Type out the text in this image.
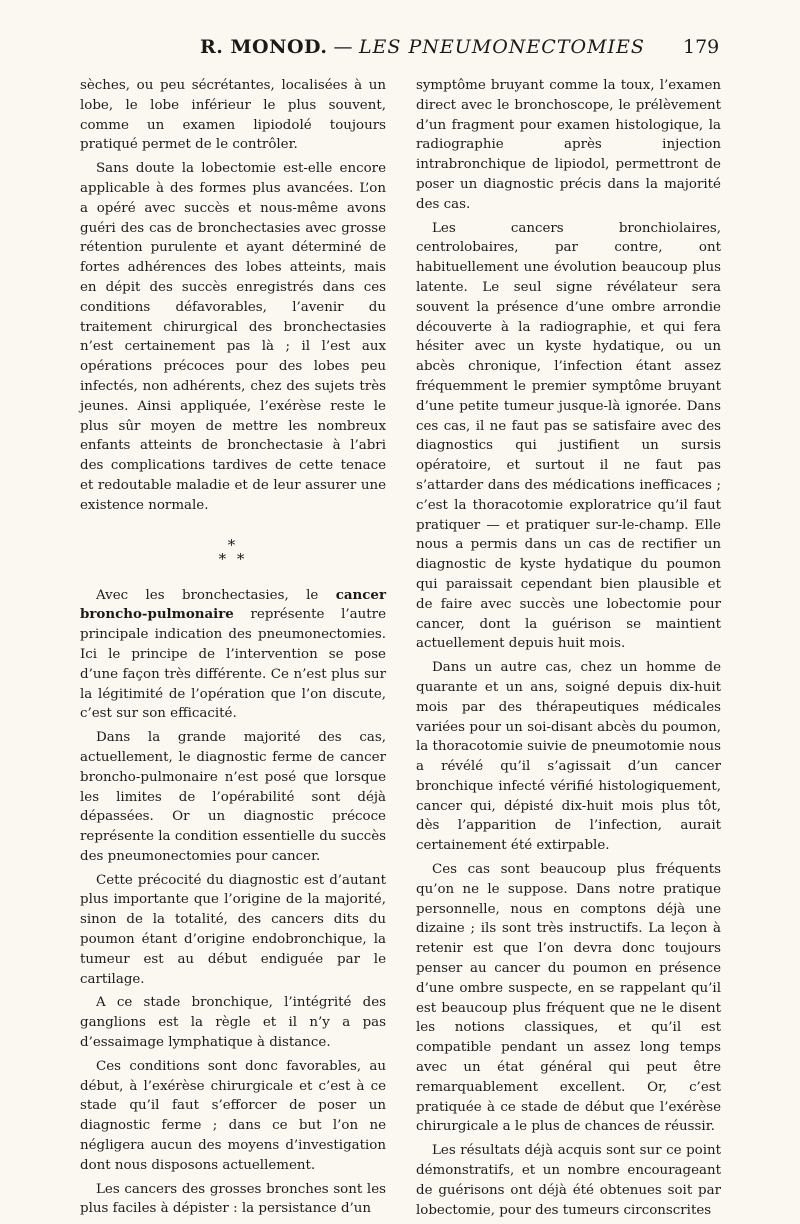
R. MONOD. — LES PNEUMONECTOMIES 179

sèches, ou peu sécrétantes, localisées à un lobe, le lobe inférieur le plus souvent, comme un examen lipiodolé toujours pratiqué permet de le contrôler.

Sans doute la lobectomie est-elle encore applicable à des formes plus avancées. L’on a opéré avec succès et nous-même avons guéri des cas de bronchectasies avec grosse rétention purulente et ayant déterminé de fortes adhérences des lobes atteints, mais en dépit des succès enregistrés dans ces conditions défavorables, l’avenir du traitement chirurgical des bronchectasies n’est certainement pas là ; il l’est aux opérations précoces pour des lobes peu infectés, non adhérents, chez des sujets très jeunes. Ainsi appliquée, l’exérèse reste le plus sûr moyen de mettre les nombreux enfants atteints de bronchectasie à l’abri des complications tardives de cette tenace et redoutable maladie et de leur assurer une existence normale.

*
* *

Avec les bronchectasies, le cancer broncho-pulmonaire représente l’autre principale indication des pneumonectomies. Ici le principe de l’intervention se pose d’une façon très différente. Ce n’est plus sur la légitimité de l’opération que l’on discute, c’est sur son efficacité.

Dans la grande majorité des cas, actuellement, le diagnostic ferme de cancer broncho-pulmonaire n’est posé que lorsque les limites de l’opérabilité sont déjà dépassées. Or un diagnostic précoce représente la condition essentielle du succès des pneumonectomies pour cancer.

Cette précocité du diagnostic est d’autant plus importante que l’origine de la majorité, sinon de la totalité, des cancers dits du poumon étant d’origine endobronchique, la tumeur est au début endiguée par le cartilage.

A ce stade bronchique, l’intégrité des ganglions est la règle et il n’y a pas d’essaimage lymphatique à distance.

Ces conditions sont donc favorables, au début, à l’exérèse chirurgicale et c’est à ce stade qu’il faut s’efforcer de poser un diagnostic ferme ; dans ce but l’on ne négligera aucun des moyens d’investigation dont nous disposons actuellement.

Les cancers des grosses bronches sont les plus faciles à dépister : la persistance d’un

symptôme bruyant comme la toux, l’examen direct avec le bronchoscope, le prélèvement d’un fragment pour examen histologique, la radiographie après injection intrabronchique de lipiodol, permettront de poser un diagnostic précis dans la majorité des cas.

Les cancers bronchiolaires, centrolobaires, par contre, ont habituellement une évolution beaucoup plus latente. Le seul signe révélateur sera souvent la présence d’une ombre arrondie découverte à la radiographie, et qui fera hésiter avec un kyste hydatique, ou un abcès chronique, l’infection étant assez fréquemment le premier symptôme bruyant d’une petite tumeur jusque-là ignorée. Dans ces cas, il ne faut pas se satisfaire avec des diagnostics qui justifient un sursis opératoire, et surtout il ne faut pas s’attarder dans des médications inefficaces ; c’est la thoracotomie exploratrice qu’il faut pratiquer — et pratiquer sur-le-champ. Elle nous a permis dans un cas de rectifier un diagnostic de kyste hydatique du poumon qui paraissait cependant bien plausible et de faire avec succès une lobectomie pour cancer, dont la guérison se maintient actuellement depuis huit mois.

Dans un autre cas, chez un homme de quarante et un ans, soigné depuis dix-huit mois par des thérapeutiques médicales variées pour un soi-disant abcès du poumon, la thoracotomie suivie de pneumotomie nous a révélé qu’il s’agissait d’un cancer bronchique infecté vérifié histologiquement, cancer qui, dépisté dix-huit mois plus tôt, dès l’apparition de l’infection, aurait certainement été extirpable.

Ces cas sont beaucoup plus fréquents qu’on ne le suppose. Dans notre pratique personnelle, nous en comptons déjà une dizaine ; ils sont très instructifs. La leçon à retenir est que l’on devra donc toujours penser au cancer du poumon en présence d’une ombre suspecte, en se rappelant qu’il est beaucoup plus fréquent que ne le disent les notions classiques, et qu’il est compatible pendant un assez long temps avec un état général qui peut être remarquablement excellent. Or, c’est pratiquée à ce stade de début que l’exérèse chirurgicale a le plus de chances de réussir.

Les résultats déjà acquis sont sur ce point démonstratifs, et un nombre encourageant de guérisons ont déjà été obtenues soit par lobectomie, pour des tumeurs circonscrites
